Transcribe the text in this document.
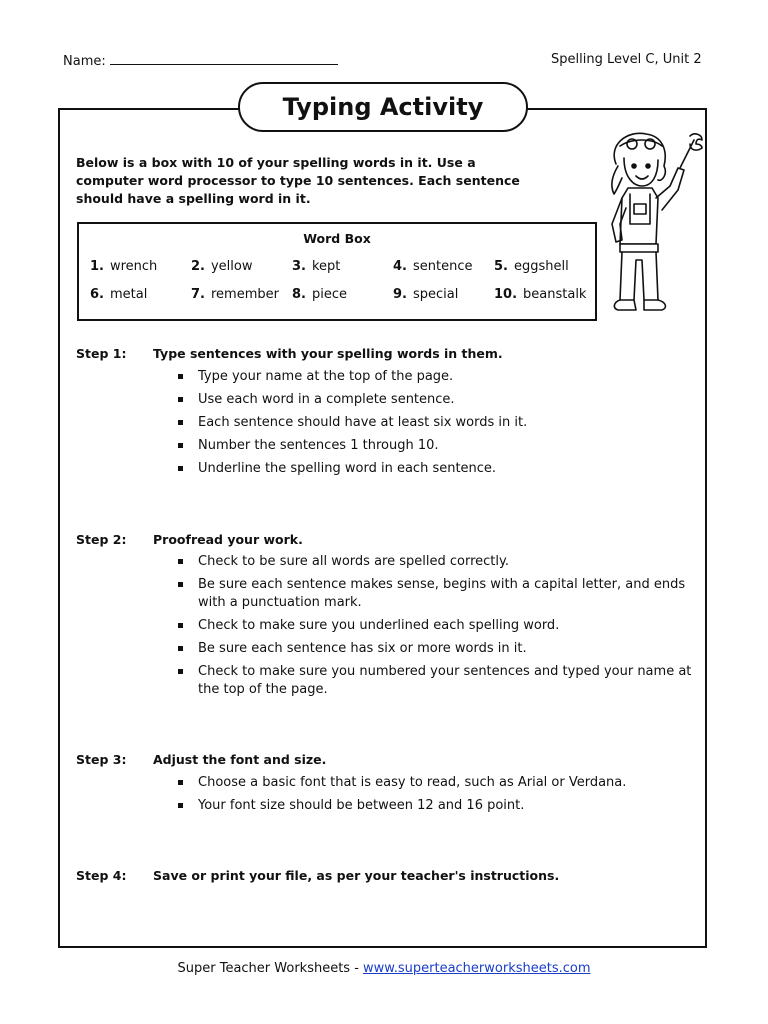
Name:	Spelling Level C, Unit 2
Typing Activity
Below is a box with 10 of your spelling words in it. Use a computer word processor to type 10 sentences. Each sentence should have a spelling word in it.
Word Box
1. wrench	2. yellow	3. kept	4. sentence 5. eggshell
6. metal	7. remember 8. piece	9. special	10. beanstalk
Step 1: Type sentences with your spelling words in them.
Type your name at the top of the page.
Use each word in a complete sentence.
Each sentence should have at least six words in it.
Number the sentences 1 through 10.
Underline the spelling word in each sentence.
Step 2: Proofread your work.
Check to be sure all words are spelled correctly.
Be sure each sentence makes sense, begins with a capital letter, and ends with a punctuation mark.
Check to make sure you underlined each spelling word.
Be sure each sentence has six or more words in it.
Check to make sure you numbered your sentences and typed your name at the top of the page.
Step 3: Adjust the font and size.
Choose a basic font that is easy to read, such as Arial or Verdana.
Your font size should be between 12 and 16 point.
Step 4: Save or print your file, as per your teacher's instructions.
Super Teacher Worksheets - www.superteacherworksheets.com
